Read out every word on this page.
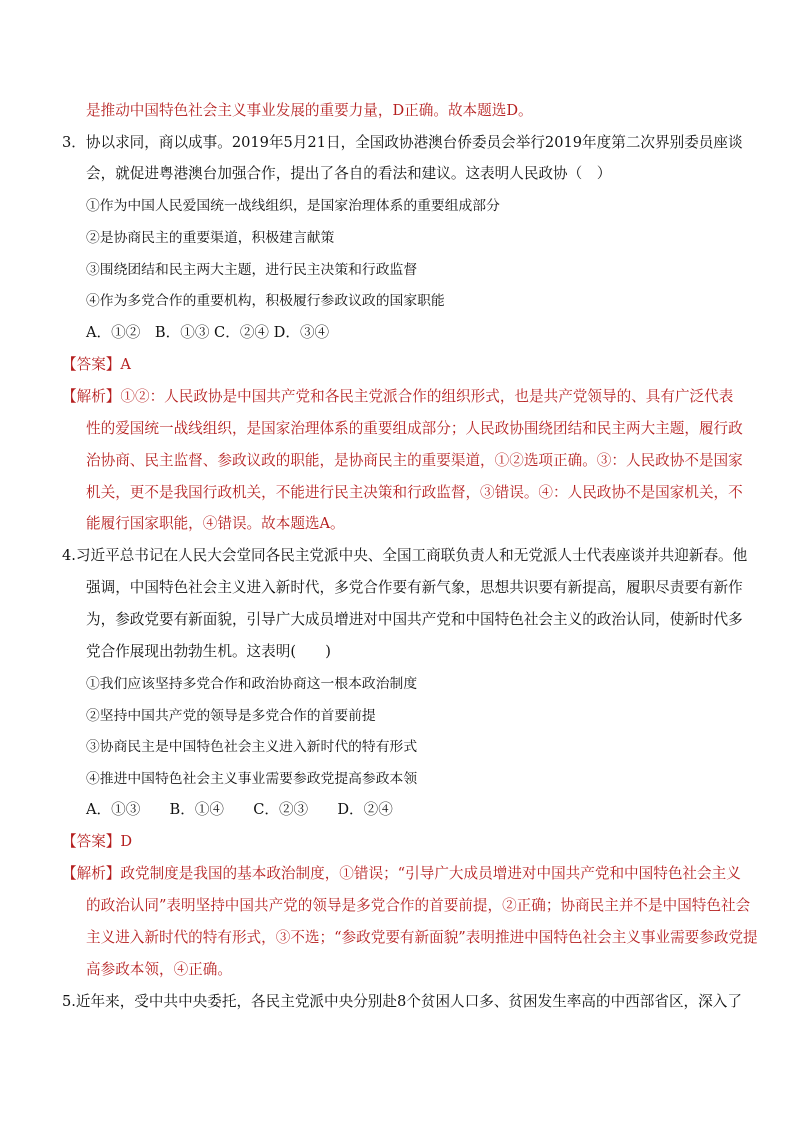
是推动中国特色社会主义事业发展的重要力量，D正确。故本题选D。
3．协以求同，商以成事。2019年5月21日，全国政协港澳台侨委员会举行2019年度第二次界别委员座谈
会，就促进粤港澳台加强合作，提出了各自的看法和建议。这表明人民政协（　）
①作为中国人民爱国统一战线组织，是国家治理体系的重要组成部分
②是协商民主的重要渠道，积极建言献策
③围绕团结和民主两大主题，进行民主决策和行政监督
④作为多党合作的重要机构，积极履行参政议政的国家职能
A．①②　B．①③ C．②④ D．③④
【答案】A
【解析】①②：人民政协是中国共产党和各民主党派合作的组织形式，也是共产党领导的、具有广泛代表
性的爱国统一战线组织，是国家治理体系的重要组成部分；人民政协围绕团结和民主两大主题，履行政
治协商、民主监督、参政议政的职能，是协商民主的重要渠道，①②选项正确。③：人民政协不是国家
机关，更不是我国行政机关，不能进行民主决策和行政监督，③错误。④：人民政协不是国家机关，不
能履行国家职能，④错误。故本题选A。
4.习近平总书记在人民大会堂同各民主党派中央、全国工商联负责人和无党派人士代表座谈并共迎新春。他
强调，中国特色社会主义进入新时代，多党合作要有新气象，思想共识要有新提高，履职尽责要有新作
为，参政党要有新面貌，引导广大成员增进对中国共产党和中国特色社会主义的政治认同，使新时代多
党合作展现出勃勃生机。这表明(　　)
①我们应该坚持多党合作和政治协商这一根本政治制度
②坚持中国共产党的领导是多党合作的首要前提
③协商民主是中国特色社会主义进入新时代的特有形式
④推进中国特色社会主义事业需要参政党提高参政本领
A．①③　　B．①④　　C．②③　　D．②④
【答案】D
【解析】政党制度是我国的基本政治制度，①错误；“引导广大成员增进对中国共产党和中国特色社会主义
的政治认同”表明坚持中国共产党的领导是多党合作的首要前提，②正确；协商民主并不是中国特色社会
主义进入新时代的特有形式，③不选；“参政党要有新面貌”表明推进中国特色社会主义事业需要参政党提
高参政本领，④正确。
5.近年来，受中共中央委托，各民主党派中央分别赴8个贫困人口多、贫困发生率高的中西部省区，深入了
